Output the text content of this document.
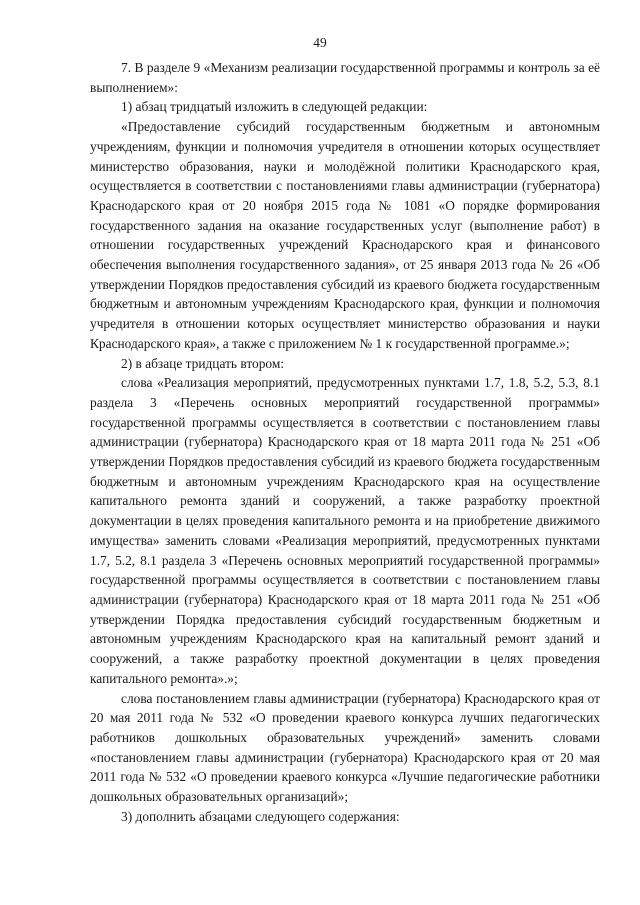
49

7. В разделе 9 «Механизм реализации государственной программы и контроль за её выполнением»:

1) абзац тридцатый изложить в следующей редакции:

«Предоставление субсидий государственным бюджетным и автономным учреждениям, функции и полномочия учредителя в отношении которых осуществляет министерство образования, науки и молодёжной политики Краснодарского края, осуществляется в соответствии с постановлениями главы администрации (губернатора) Краснодарского края от 20 ноября 2015 года № 1081 «О порядке формирования государственного задания на оказание государственных услуг (выполнение работ) в отношении государственных учреждений Краснодарского края и финансового обеспечения выполнения государственного задания», от 25 января 2013 года № 26 «Об утверждении Порядков предоставления субсидий из краевого бюджета государственным бюджетным и автономным учреждениям Краснодарского края, функции и полномочия учредителя в отношении которых осуществляет министерство образования и науки Краснодарского края», а также с приложением № 1 к государственной программе.»;

2) в абзаце тридцать втором:

слова «Реализация мероприятий, предусмотренных пунктами 1.7, 1.8, 5.2, 5.3, 8.1 раздела 3 «Перечень основных мероприятий государственной программы» государственной программы осуществляется в соответствии с постановлением главы администрации (губернатора) Краснодарского края от 18 марта 2011 года № 251 «Об утверждении Порядков предоставления субсидий из краевого бюджета государственным бюджетным и автономным учреждениям Краснодарского края на осуществление капитального ремонта зданий и сооружений, а также разработку проектной документации в целях проведения капитального ремонта и на приобретение движимого имущества» заменить словами «Реализация мероприятий, предусмотренных пунктами 1.7, 5.2, 8.1 раздела 3 «Перечень основных мероприятий государственной программы» государственной программы осуществляется в соответствии с постановлением главы администрации (губернатора) Краснодарского края от 18 марта 2011 года № 251 «Об утверждении Порядка предоставления субсидий государственным бюджетным и автономным учреждениям Краснодарского края на капитальный ремонт зданий и сооружений, а также разработку проектной документации в целях проведения капитального ремонта».»;

слова постановлением главы администрации (губернатора) Краснодарского края от 20 мая 2011 года № 532 «О проведении краевого конкурса лучших педагогических работников дошкольных образовательных учреждений» заменить словами «постановлением главы администрации (губернатора) Краснодарского края от 20 мая 2011 года № 532 «О проведении краевого конкурса «Лучшие педагогические работники дошкольных образовательных организаций»;

3) дополнить абзацами следующего содержания:
